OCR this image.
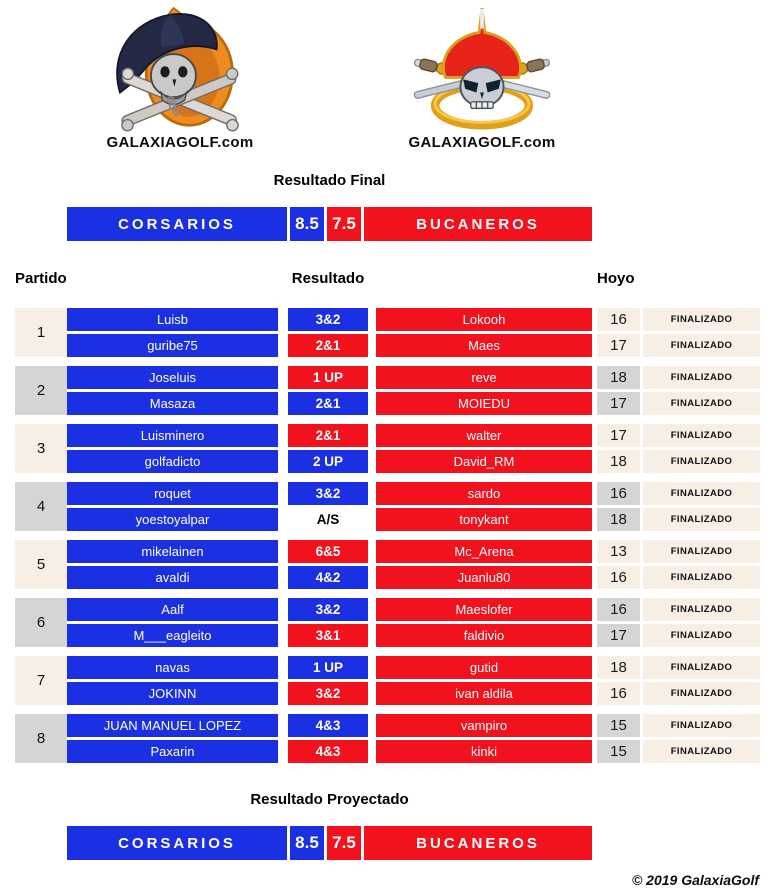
GALAXIAGOLF.com	GALAXIAGOLF.com
Resultado Final
CORSARIOS	8.5 7.5	BUCANEROS
Partido	Resultado	Hoyo
1
Luisb	3&2	Lokooh	16	FINALIZADO
guribe75	2&1	Maes	17	FINALIZADO
2
Joseluis	1 UP	reve	18	FINALIZADO
Masaza	2&1	MOIEDU	17	FINALIZADO
3
Luisminero	2&1	walter	17	FINALIZADO
golfadicto	2 UP	David_RM	18	FINALIZADO
4
roquet	3&2	sardo	16	FINALIZADO
yoestoyalpar	A/S	tonykant	18	FINALIZADO
5
mikelainen	6&5	Mc_Arena	13	FINALIZADO
avaldi	4&2	Juanlu80	16	FINALIZADO
6
Aalf	3&2	Maeslofer	16	FINALIZADO
M___eagleito	3&1	faldivio	17	FINALIZADO
7
navas	1 UP	gutid	18	FINALIZADO
JOKINN	3&2	ivan aldila	16	FINALIZADO
8
JUAN MANUEL LOPEZ	4&3	vampiro	15	FINALIZADO
Paxarin	4&3	kinki	15	FINALIZADO
Resultado Proyectado
CORSARIOS	8.5 7.5	BUCANEROS
© 2019 GalaxiaGolf
